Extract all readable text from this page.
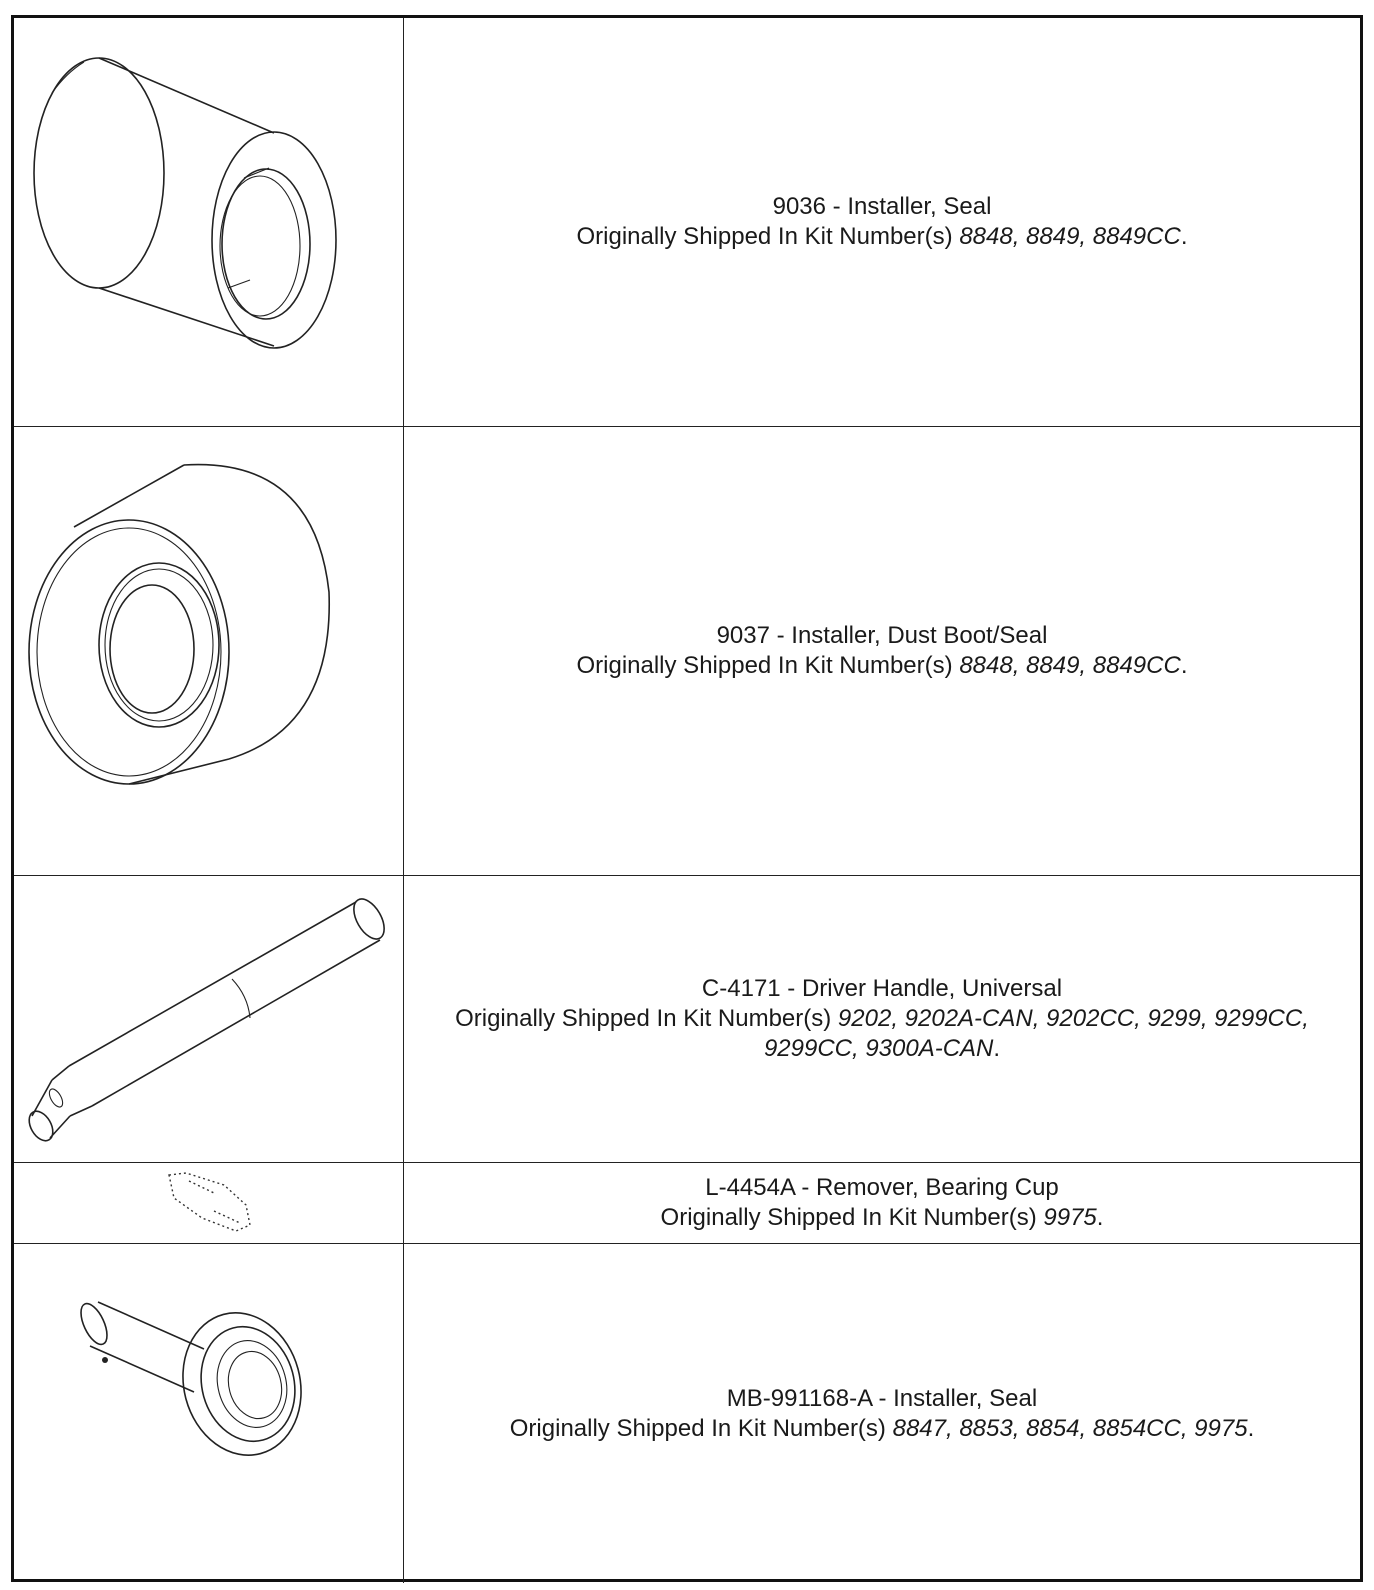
9036 - Installer, Seal
Originally Shipped In Kit Number(s) 8848, 8849, 8849CC.

9037 - Installer, Dust Boot/Seal
Originally Shipped In Kit Number(s) 8848, 8849, 8849CC.

C-4171 - Driver Handle, Universal
Originally Shipped In Kit Number(s) 9202, 9202A-CAN, 9202CC, 9299, 9299CC, 9299CC, 9300A-CAN.

L-4454A - Remover, Bearing Cup
Originally Shipped In Kit Number(s) 9975.

MB-991168-A - Installer, Seal
Originally Shipped In Kit Number(s) 8847, 8853, 8854, 8854CC, 9975.
